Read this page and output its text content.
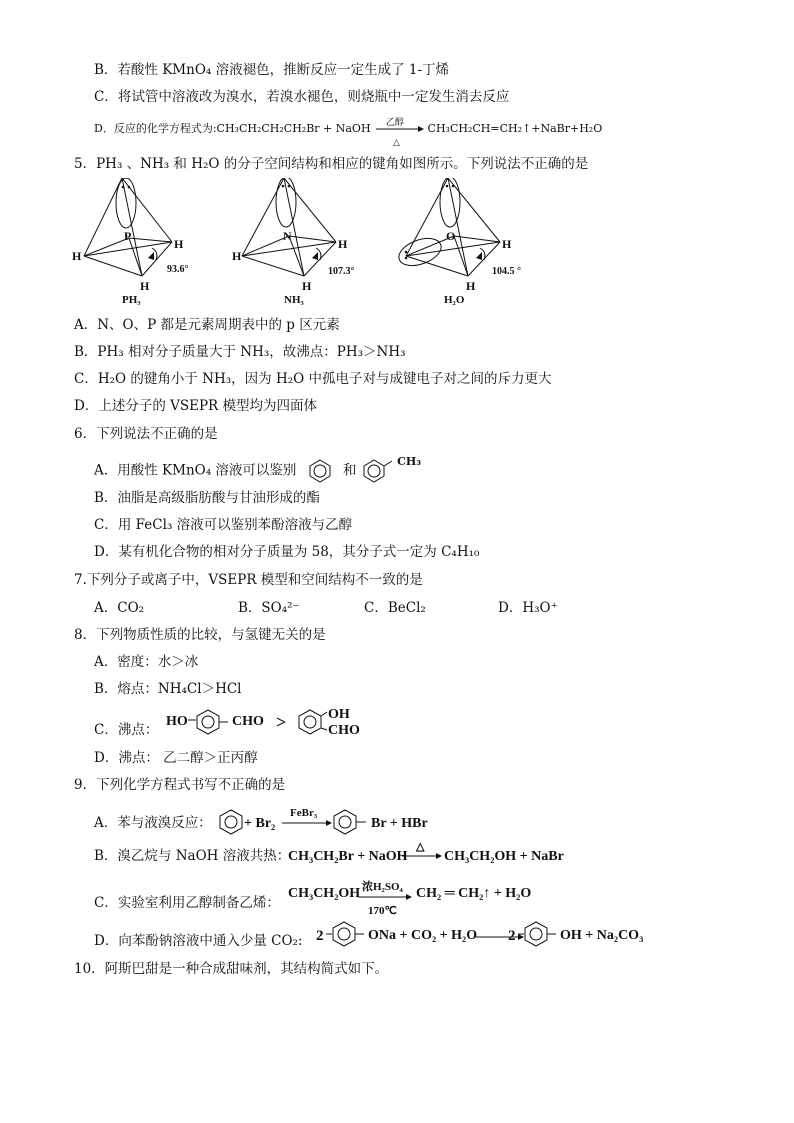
B．若酸性 KMnO₄ 溶液褪色，推断反应一定生成了 1-丁烯
C．将试管中溶液改为溴水，若溴水褪色，则烧瓶中一定发生消去反应
D．反应的化学方程式为:CH₃CH₂CH₂CH₂Br + NaOH 乙醇
△
CH₃CH₂CH=CH₂↑+NaBr+H₂O
5．PH₃ 、NH₃ 和 H₂O 的分子空间结构和相应的键角如图所示。下列说法不正确的是
P
H
H
H
93.6°
PH₃
N
H
H
H
107.3°
NH₃
O
H
H
104.5 °
H₂O
A．N、O、P 都是元素周期表中的 p 区元素
B．PH₃ 相对分子质量大于 NH₃，故沸点：PH₃＞NH₃
C．H₂O 的键角小于 NH₃，因为 H₂O 中孤电子对与成键电子对之间的斥力更大
D．上述分子的 VSEPR 模型均为四面体
6．下列说法不正确的是
A．用酸性 KMnO₄ 溶液可以鉴别	和  $^{CH_3}$
B．油脂是高级脂肪酸与甘油形成的酯
C．用 FeCl₃ 溶液可以鉴别苯酚溶液与乙醇
D．某有机化合物的相对分子质量为 58，其分子式一定为 C₄H₁₀
7.下列分子或离子中，VSEPR 模型和空间结构不一致的是
A．CO₂	B．SO₄²⁻	C．BeCl₂	D．H₃O⁺
8．下列物质性质的比较，与氢键无关的是
A．密度：水＞冰
B．熔点：NH₄Cl＞HCl
C．沸点：
HO	CHO >	OH
CHO
D．沸点： 乙二醇＞正丙醇
9．下列化学方程式书写不正确的是
A．苯与液溴反应： + Br₂
FeBr₃
Br + HBr
B．溴乙烷与 NaOH 溶液共热：
CH₃CH₂Br + NaOH
△
CH₃CH₂OH + NaBr
C．实验室利用乙醇制备乙烯：
CH₃CH₂OH 浓H₂SO₄
170℃
CH₂ ═ CH₂↑ + H₂O
D．向苯酚钠溶液中通入少量 CO₂: 2	ONa + CO₂ + H₂O 2	OH + Na₂CO₃
10．阿斯巴甜是一种合成甜味剂，其结构简式如下。
